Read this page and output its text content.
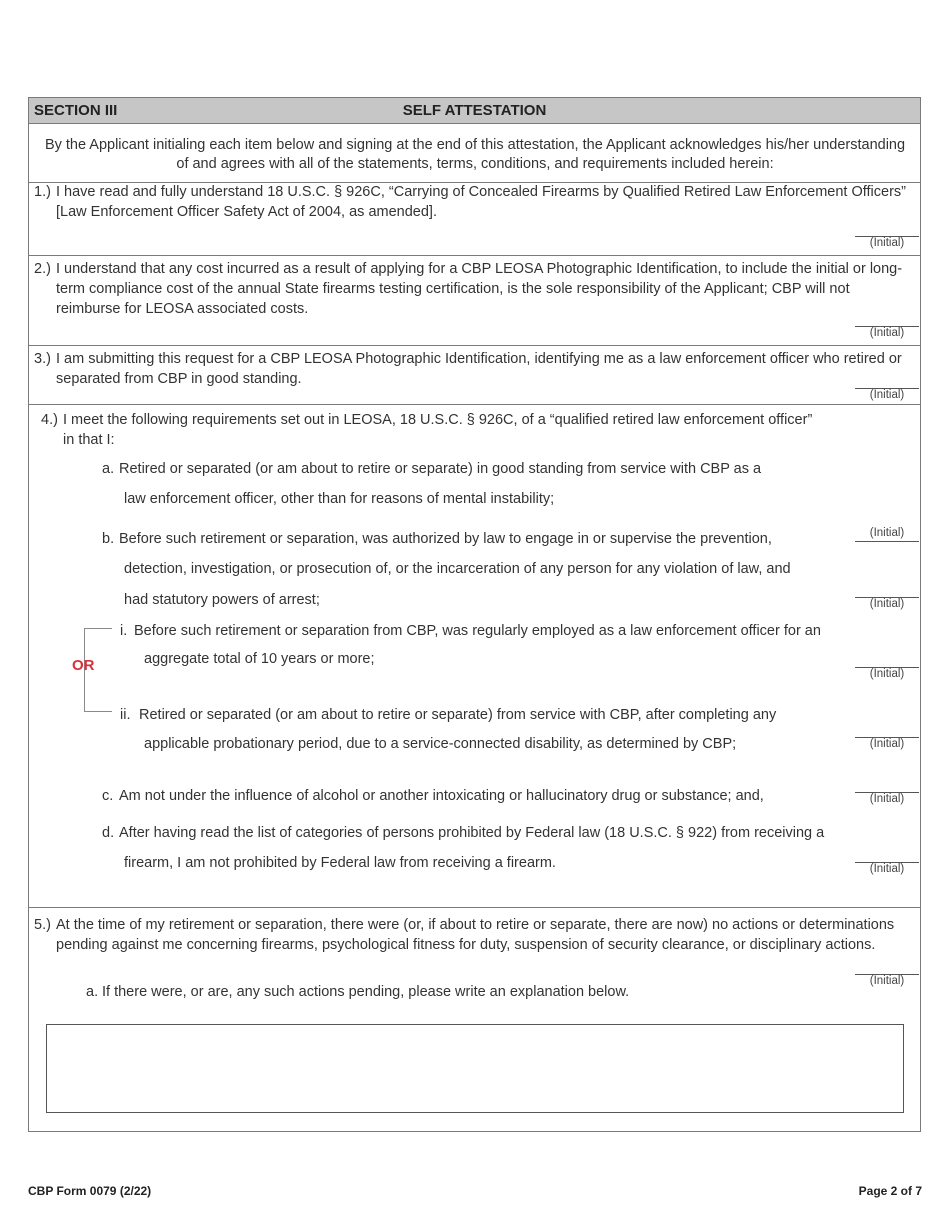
SECTION III	SELF ATTESTATION
By the Applicant initialing each item below and signing at the end of this attestation, the Applicant acknowledges his/her understanding of and agrees with all of the statements, terms, conditions, and requirements included herein:
1.) I have read and fully understand 18 U.S.C. § 926C, “Carrying of Concealed Firearms by Qualified Retired Law Enforcement Officers” [Law Enforcement Officer Safety Act of 2004, as amended].
(Initial)
2.) I understand that any cost incurred as a result of applying for a CBP LEOSA Photographic Identification, to include the initial or long-term compliance cost of the annual State firearms testing certification, is the sole responsibility of the Applicant; CBP will not reimburse for LEOSA associated costs.
(Initial)
3.) I am submitting this request for a CBP LEOSA Photographic Identification, identifying me as a law enforcement officer who retired or separated from CBP in good standing.
(Initial)
4.) I meet the following requirements set out in LEOSA, 18 U.S.C. § 926C, of a “qualified retired law enforcement officer” in that I:
a. Retired or separated (or am about to retire or separate) in good standing from service with CBP as a
law enforcement officer, other than for reasons of mental instability;
(Initial)
b. Before such retirement or separation, was authorized by law to engage in or supervise the prevention,
detection, investigation, or prosecution of, or the incarceration of any person for any violation of law, and
had statutory powers of arrest;	(Initial)
OR
i. Before such retirement or separation from CBP, was regularly employed as a law enforcement officer for an
aggregate total of 10 years or more;
(Initial)
ii. Retired or separated (or am about to retire or separate) from service with CBP, after completing any
applicable probationary period, due to a service-connected disability, as determined by CBP;	(Initial)
c. Am not under the influence of alcohol or another intoxicating or hallucinatory drug or substance; and,	(Initial)
d. After having read the list of categories of persons prohibited by Federal law (18 U.S.C. § 922) from receiving a
firearm, I am not prohibited by Federal law from receiving a firearm.	(Initial)
5.) At the time of my retirement or separation, there were (or, if about to retire or separate, there are now) no actions or determinations pending against me concerning firearms, psychological fitness for duty, suspension of security clearance, or disciplinary actions.
(Initial)
a. If there were, or are, any such actions pending, please write an explanation below.
CBP Form 0079 (2/22)	Page 2 of 7
